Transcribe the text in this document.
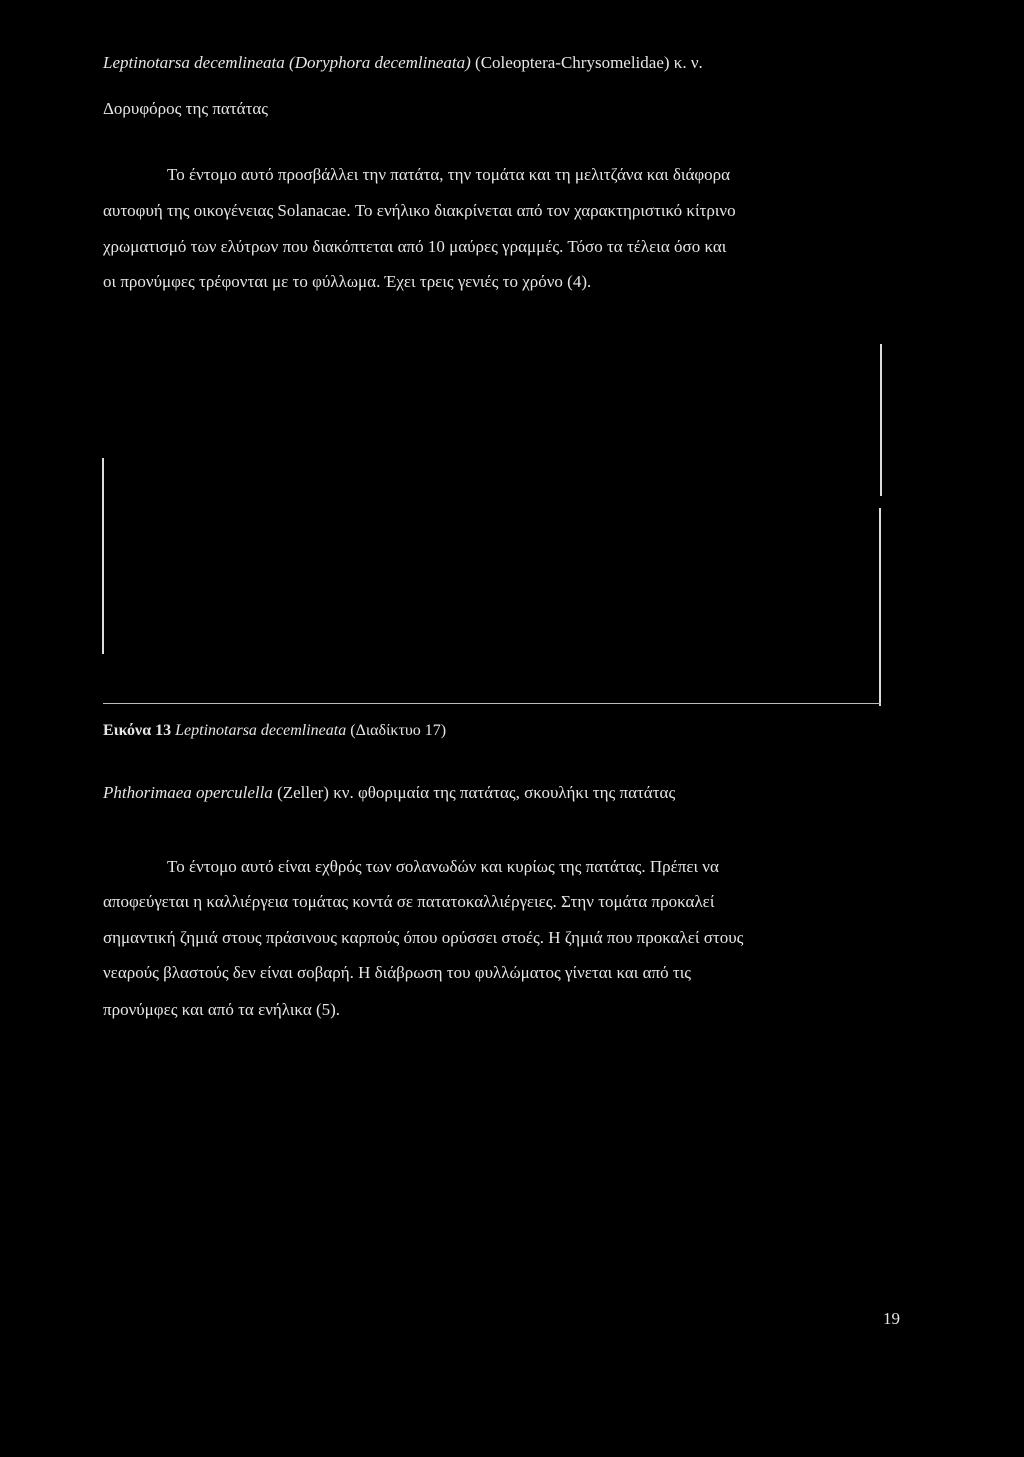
Leptinotarsa decemlineata (Doryphora decemlineata) (Coleoptera-Chrysomelidae) κ. ν.
Δορυφόρος της πατάτας
Το έντομο αυτό προσβάλλει την πατάτα, την τομάτα και τη μελιτζάνα και διάφορα
αυτοφυή της οικογένειας Solanacae. Το ενήλικο διακρίνεται από τον χαρακτηριστικό κίτρινο
χρωματισμό των ελύτρων που διακόπτεται από 10 μαύρες γραμμές. Τόσο τα τέλεια όσο και
οι προνύμφες τρέφονται με το φύλλωμα. Έχει τρεις γενιές το χρόνο (4).
Εικόνα 13 Leptinotarsa decemlineata (Διαδίκτυο 17)
Phthorimaea operculella (Zeller) κν. φθοριμαία της πατάτας, σκουλήκι της πατάτας
Το έντομο αυτό είναι εχθρός των σολανωδών και κυρίως της πατάτας. Πρέπει να
αποφεύγεται η καλλιέργεια τομάτας κοντά σε πατατοκαλλιέργειες. Στην τομάτα προκαλεί
σημαντική ζημιά στους πράσινους καρπούς όπου ορύσσει στοές. Η ζημιά που προκαλεί στους
νεαρούς βλαστούς δεν είναι σοβαρή. Η διάβρωση του φυλλώματος γίνεται και από τις
προνύμφες και από τα ενήλικα (5).
19
